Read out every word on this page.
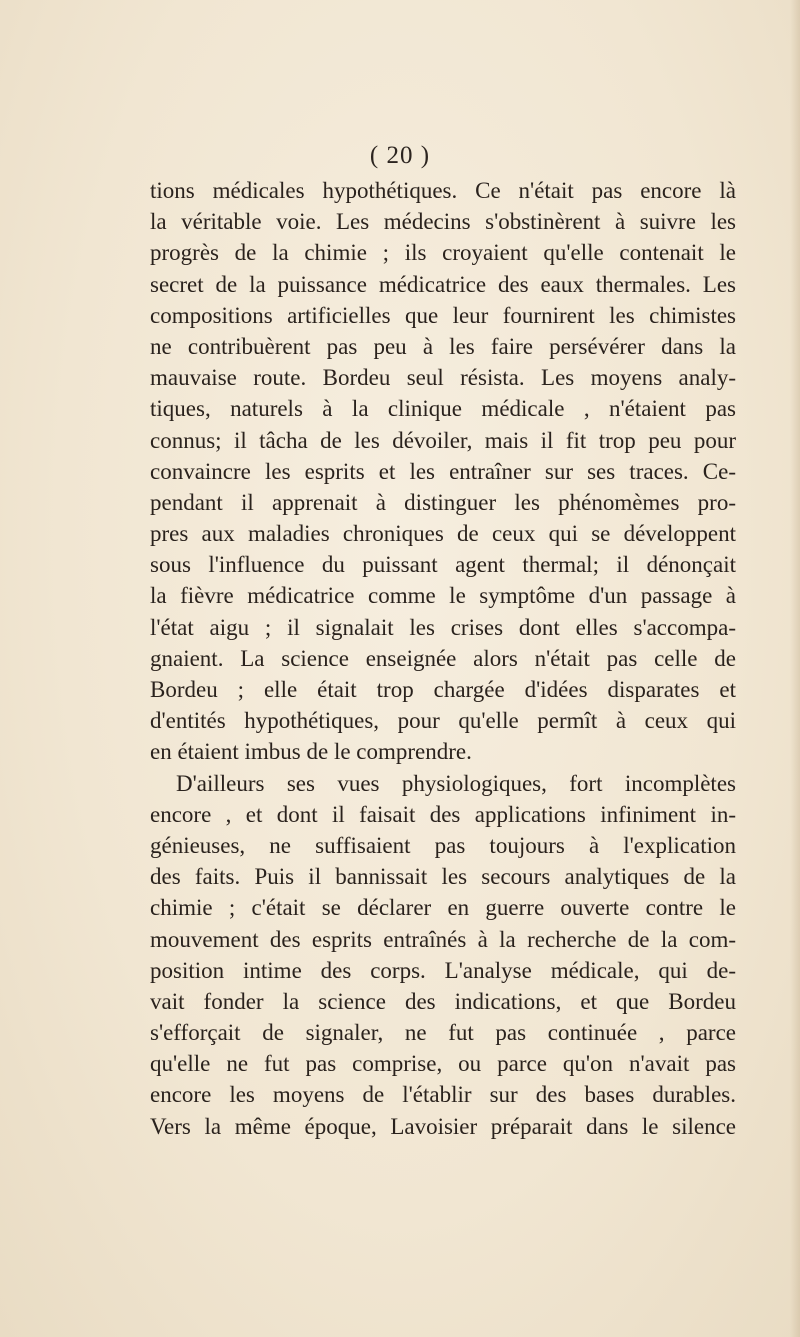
( 20 )
tions médicales hypothétiques. Ce n'était pas encore là
la véritable voie. Les médecins s'obstinèrent à suivre les
progrès de la chimie ; ils croyaient qu'elle contenait le
secret de la puissance médicatrice des eaux thermales. Les
compositions artificielles que leur fournirent les chimistes
ne contribuèrent pas peu à les faire persévérer dans la
mauvaise route. Bordeu seul résista. Les moyens analy-
tiques, naturels à la clinique médicale , n'étaient pas
connus; il tâcha de les dévoiler, mais il fit trop peu pour
convaincre les esprits et les entraîner sur ses traces. Ce-
pendant il apprenait à distinguer les phénomèmes pro-
pres aux maladies chroniques de ceux qui se développent
sous l'influence du puissant agent thermal; il dénonçait
la fièvre médicatrice comme le symptôme d'un passage à
l'état aigu ; il signalait les crises dont elles s'accompa-
gnaient. La science enseignée alors n'était pas celle de
Bordeu ; elle était trop chargée d'idées disparates et
d'entités hypothétiques, pour qu'elle permît à ceux qui
en étaient imbus de le comprendre.
D'ailleurs ses vues physiologiques, fort incomplètes
encore , et dont il faisait des applications infiniment in-
génieuses, ne suffisaient pas toujours à l'explication
des faits. Puis il bannissait les secours analytiques de la
chimie ; c'était se déclarer en guerre ouverte contre le
mouvement des esprits entraînés à la recherche de la com-
position intime des corps. L'analyse médicale, qui de-
vait fonder la science des indications, et que Bordeu
s'efforçait de signaler, ne fut pas continuée , parce
qu'elle ne fut pas comprise, ou parce qu'on n'avait pas
encore les moyens de l'établir sur des bases durables.
Vers la même époque, Lavoisier préparait dans le silence
